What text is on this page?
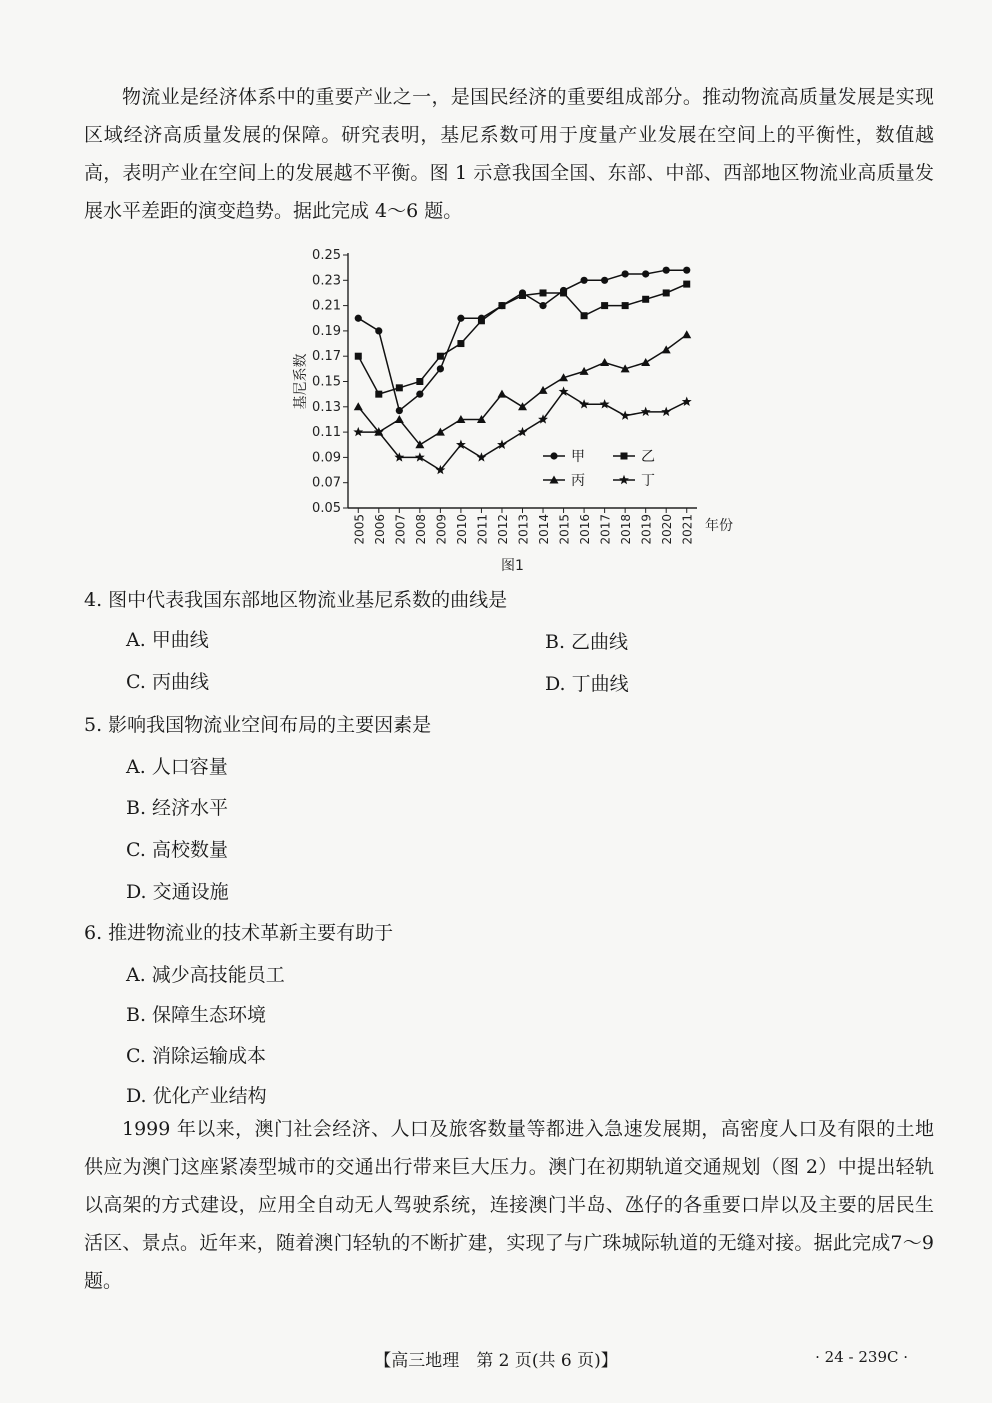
物流业是经济体系中的重要产业之一，是国民经济的重要组成部分。推动物流高质量发展是实现区域经济高质量发展的保障。研究表明，基尼系数可用于度量产业发展在空间上的平衡性，数值越高，表明产业在空间上的发展越不平衡。图 1 示意我国全国、东部、中部、西部地区物流业高质量发展水平差距的演变趋势。据此完成 4～6 题。

0.25
0.23
0.21
0.19
0.17
0.15
0.13
0.11
0.09
0.07
0.05
2005 2006 2007 2008 2009 2010 2011 2012 2013 2014 2015 2016 2017 2018 2019 2020 2021
基尼系数
年份
图1
甲	乙
丙	丁

4. 图中代表我国东部地区物流业基尼系数的曲线是

A. 甲曲线	B. 乙曲线

C. 丙曲线	D. 丁曲线

5. 影响我国物流业空间布局的主要因素是

A. 人口容量

B. 经济水平

C. 高校数量

D. 交通设施

6. 推进物流业的技术革新主要有助于

A. 减少高技能员工

B. 保障生态环境

C. 消除运输成本

D. 优化产业结构

1999 年以来，澳门社会经济、人口及旅客数量等都进入急速发展期，高密度人口及有限的土地供应为澳门这座紧凑型城市的交通出行带来巨大压力。澳门在初期轨道交通规划（图 2）中提出轻轨以高架的方式建设，应用全自动无人驾驶系统，连接澳门半岛、氹仔的各重要口岸以及主要的居民生活区、景点。近年来，随着澳门轻轨的不断扩建，实现了与广珠城际轨道的无缝对接。据此完成7～9 题。

【高三地理　第 2 页(共 6 页)】	· 24 - 239C ·
